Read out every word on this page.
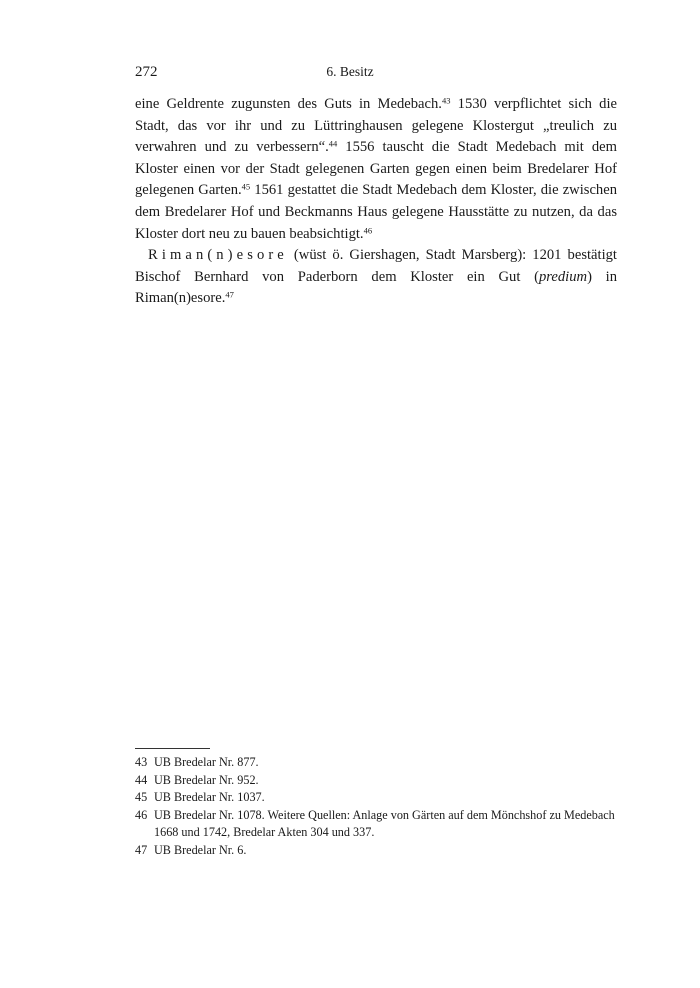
272	6. Besitz

eine Geldrente zugunsten des Guts in Medebach.$^{43}$ 1530 verpflichtet sich die Stadt, das vor ihr und zu Lüttringhausen gelegene Klostergut „treulich zu verwahren und zu verbessern“.$^{44}$ 1556 tauscht die Stadt Medebach mit dem Kloster einen vor der Stadt gelegenen Garten gegen einen beim Bredelarer Hof gelegenen Garten.$^{45}$ 1561 gestattet die Stadt Medebach dem Kloster, die zwischen dem Bredelarer Hof und Beckmanns Haus gelegene Hausstätte zu nutzen, da das Kloster dort neu zu bauen beabsichtigt.$^{46}$

Riman(n)esore (wüst ö. Giershagen, Stadt Marsberg): 1201 bestätigt Bischof Bernhard von Paderborn dem Kloster ein Gut (predium) in Riman(n)esore.$^{47}$

43 UB Bredelar Nr. 877.
44 UB Bredelar Nr. 952.
45 UB Bredelar Nr. 1037.
46 UB Bredelar Nr. 1078. Weitere Quellen: Anlage von Gärten auf dem Mönchshof zu Medebach 1668 und 1742, Bredelar Akten 304 und 337.
47 UB Bredelar Nr. 6.
